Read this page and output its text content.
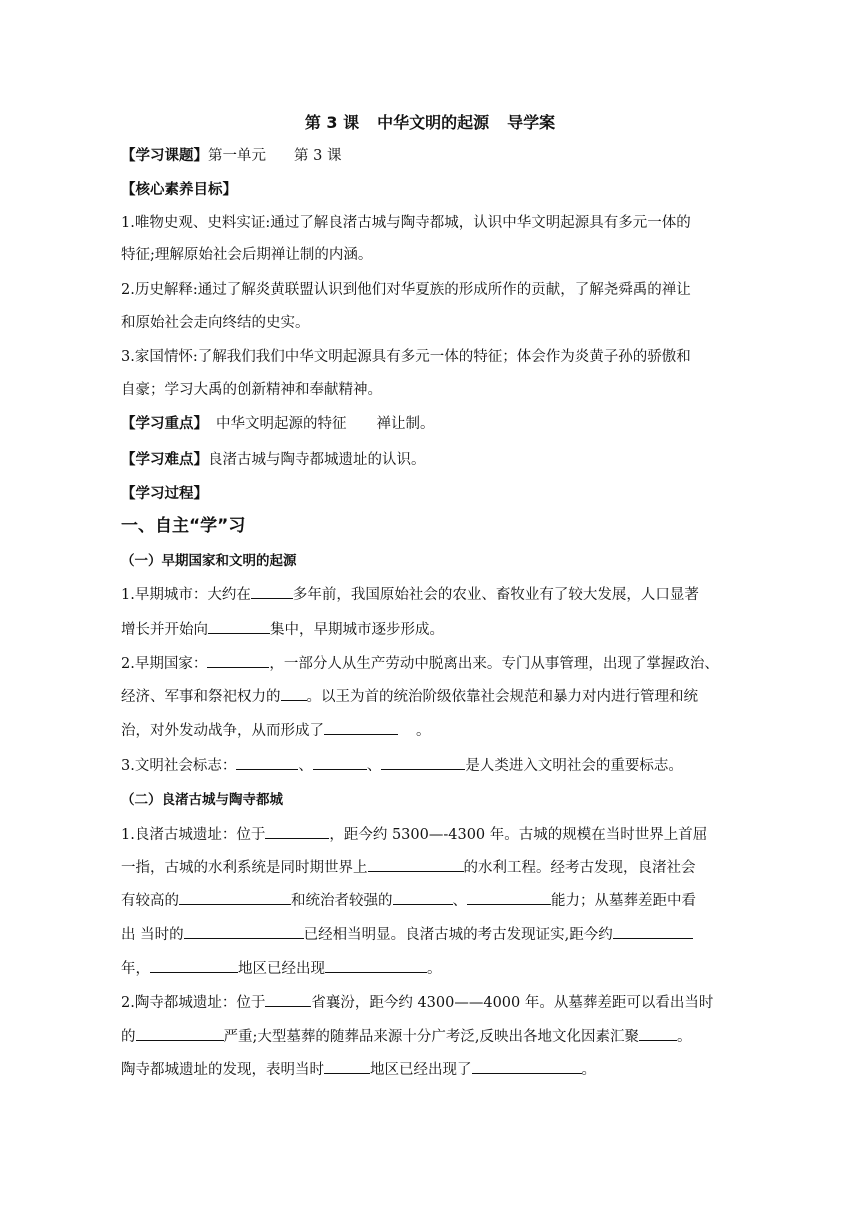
第 3 课 中华文明的起源 导学案
【学习课题】第一单元 第 3 课
【核心素养目标】
1.唯物史观、史料实证:通过了解良渚古城与陶寺都城，认识中华文明起源具有多元一体的
特征;理解原始社会后期禅让制的内涵。
2.历史解释:通过了解炎黄联盟认识到他们对华夏族的形成所作的贡献，了解尧舜禹的禅让
和原始社会走向终结的史实。
3.家国情怀:了解我们我们中华文明起源具有多元一体的特征；体会作为炎黄子孙的骄傲和
自豪；学习大禹的创新精神和奉献精神。
【学习重点】 中华文明起源的特征 禅让制。
【学习难点】良渚古城与陶寺都城遗址的认识。
【学习过程】
一、自主“学”习
（一）早期国家和文明的起源
1.早期城市：大约在	多年前，我国原始社会的农业、畜牧业有了较大发展，人口显著
增长并开始向	集中，早期城市逐步形成。
2.早期国家：	，一部分人从生产劳动中脱离出来。专门从事管理，出现了掌握政治、
经济、军事和祭祀权力的 。以王为首的统治阶级依靠社会规范和暴力对内进行管理和统
治，对外发动战争，从而形成了	。
3.文明社会标志：	、	、	是人类进入文明社会的重要标志。
（二）良渚古城与陶寺都城
1.良渚古城遗址：位于	，距今约 5300—-4300 年。古城的规模在当时世界上首屈
一指，古城的水利系统是同时期世界上	的水利工程。经考古发现，良渚社会
有较高的	和统治者较强的	、	能力；从墓葬差距中看
出 当时的	已经相当明显。良渚古城的考古发现证实,距今约
年，	地区已经出现	。
2.陶寺都城遗址：位于	省襄汾，距今约 4300——4000 年。从墓葬差距可以看出当时
的	严重;大型墓葬的随葬品来源十分广考泛,反映出各地文化因素汇聚	。
陶寺都城遗址的发现，表明当时	地区已经出现了	。
